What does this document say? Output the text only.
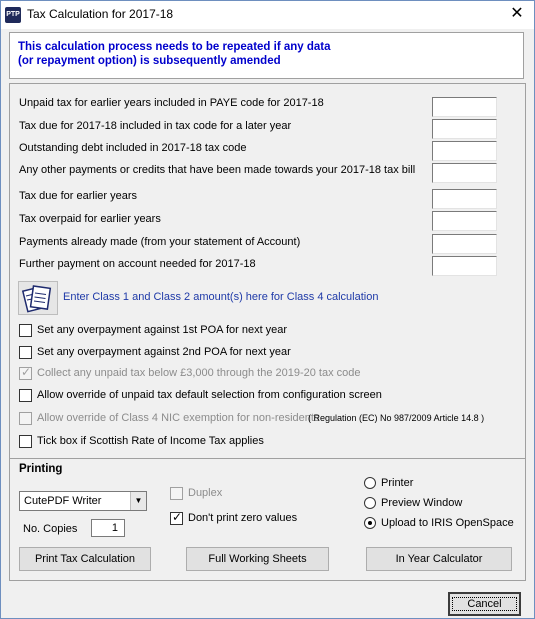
PTP Tax Calculation for 2017-18	✕
This calculation process needs to be repeated if any data
(or repayment option) is subsequently amended
Unpaid tax for earlier years included in PAYE code for 2017-18
Tax due for 2017-18 included in tax code for a later year
Outstanding debt included in 2017-18 tax code
Any other payments or credits that have been made towards your 2017-18 tax bill
Tax due for earlier years
Tax overpaid for earlier years
Payments already made (from your statement of Account)
Further payment on account needed for 2017-18
Enter Class 1 and Class 2 amount(s) here for Class 4 calculation
Set any overpayment against 1st POA for next year
Set any overpayment against 2nd POA for next year
✓ Collect any unpaid tax below £3,000 through the 2019-20 tax code
Allow override of unpaid tax default selection from configuration screen
Allow override of Class 4 NIC exemption for non-residents
( Regulation (EC) No 987/2009 Article 14.8 )
Tick box if Scottish Rate of Income Tax applies
Printing
CutePDF Writer	▼
No. Copies	1
Duplex
✓ Don't print zero values
Printer
Preview Window
Upload to IRIS OpenSpace
Print Tax Calculation	Full Working Sheets	In Year Calculator
Cancel
